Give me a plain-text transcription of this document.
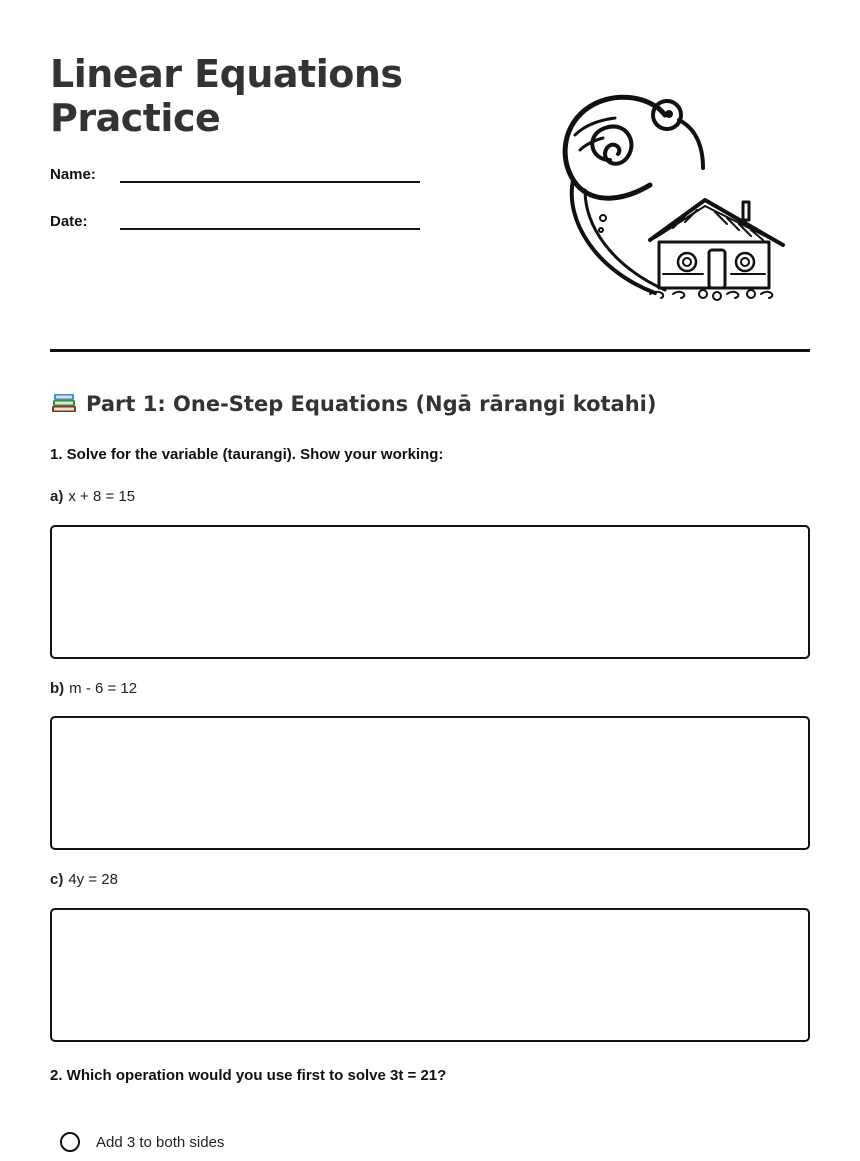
Linear Equations
Practice
Name:
Date:
Part 1: One-Step Equations (Ngā rārangi kotahi)

1. Solve for the variable (taurangi). Show your working:

a) x + 8 = 15
b) m - 6 = 12
c) 4y = 28

2. Which operation would you use first to solve 3t = 21?

Add 3 to both sides
